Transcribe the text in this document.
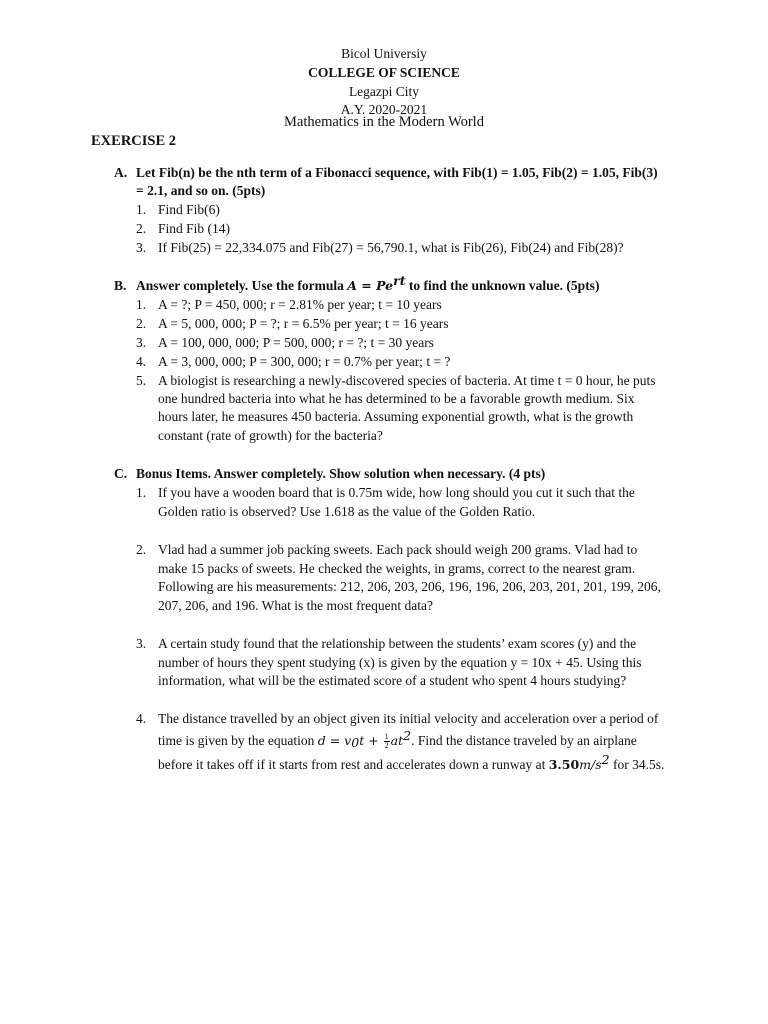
Bicol Universiy
COLLEGE OF SCIENCE
Legazpi City
A.Y. 2020-2021
Mathematics in the Modern World
EXERCISE 2
A. Let Fib(n) be the nth term of a Fibonacci sequence, with Fib(1) = 1.05, Fib(2) = 1.05, Fib(3)
= 2.1, and so on. (5pts)
1. Find Fib(6)
2. Find Fib (14)
3. If Fib(25) = 22,334.075 and Fib(27) = 56,790.1, what is Fib(26), Fib(24) and Fib(28)?
B. Answer completely. Use the formula $A = Pe^{rt}$ to find the unknown value. (5pts)
1. A = ?; P = 450, 000; r = 2.81% per year; t = 10 years
2. A = 5, 000, 000; P = ?; r = 6.5% per year; t = 16 years
3. A = 100, 000, 000; P = 500, 000; r = ?; t = 30 years
4. A = 3, 000, 000; P = 300, 000; r = 0.7% per year; t = ?
5. A biologist is researching a newly-discovered species of bacteria. At time t = 0 hour, he puts
one hundred bacteria into what he has determined to be a favorable growth medium. Six
hours later, he measures 450 bacteria. Assuming exponential growth, what is the growth
constant (rate of growth) for the bacteria?
C. Bonus Items. Answer completely. Show solution when necessary. (4 pts)
1. If you have a wooden board that is 0.75m wide, how long should you cut it such that the
Golden ratio is observed? Use 1.618 as the value of the Golden Ratio.
2. Vlad had a summer job packing sweets. Each pack should weigh 200 grams. Vlad had to
make 15 packs of sweets. He checked the weights, in grams, correct to the nearest gram.
Following are his measurements: 212, 206, 203, 206, 196, 196, 206, 203, 201, 201, 199, 206,
207, 206, and 196. What is the most frequent data?
3. A certain study found that the relationship between the students’ exam scores (y) and the
number of hours they spent studying (x) is given by the equation y = 10x + 45. Using this
information, what will be the estimated score of a student who spent 4 hours studying?
4. The distance travelled by an object given its initial velocity and acceleration over a period of
time is given by the equation $d = v_0t + \frac{1}{2} at^2$. Find the distance traveled by an airplane
before it takes off if it starts from rest and accelerates down a runway at $3.50m/s^2$ for 34.5s.
